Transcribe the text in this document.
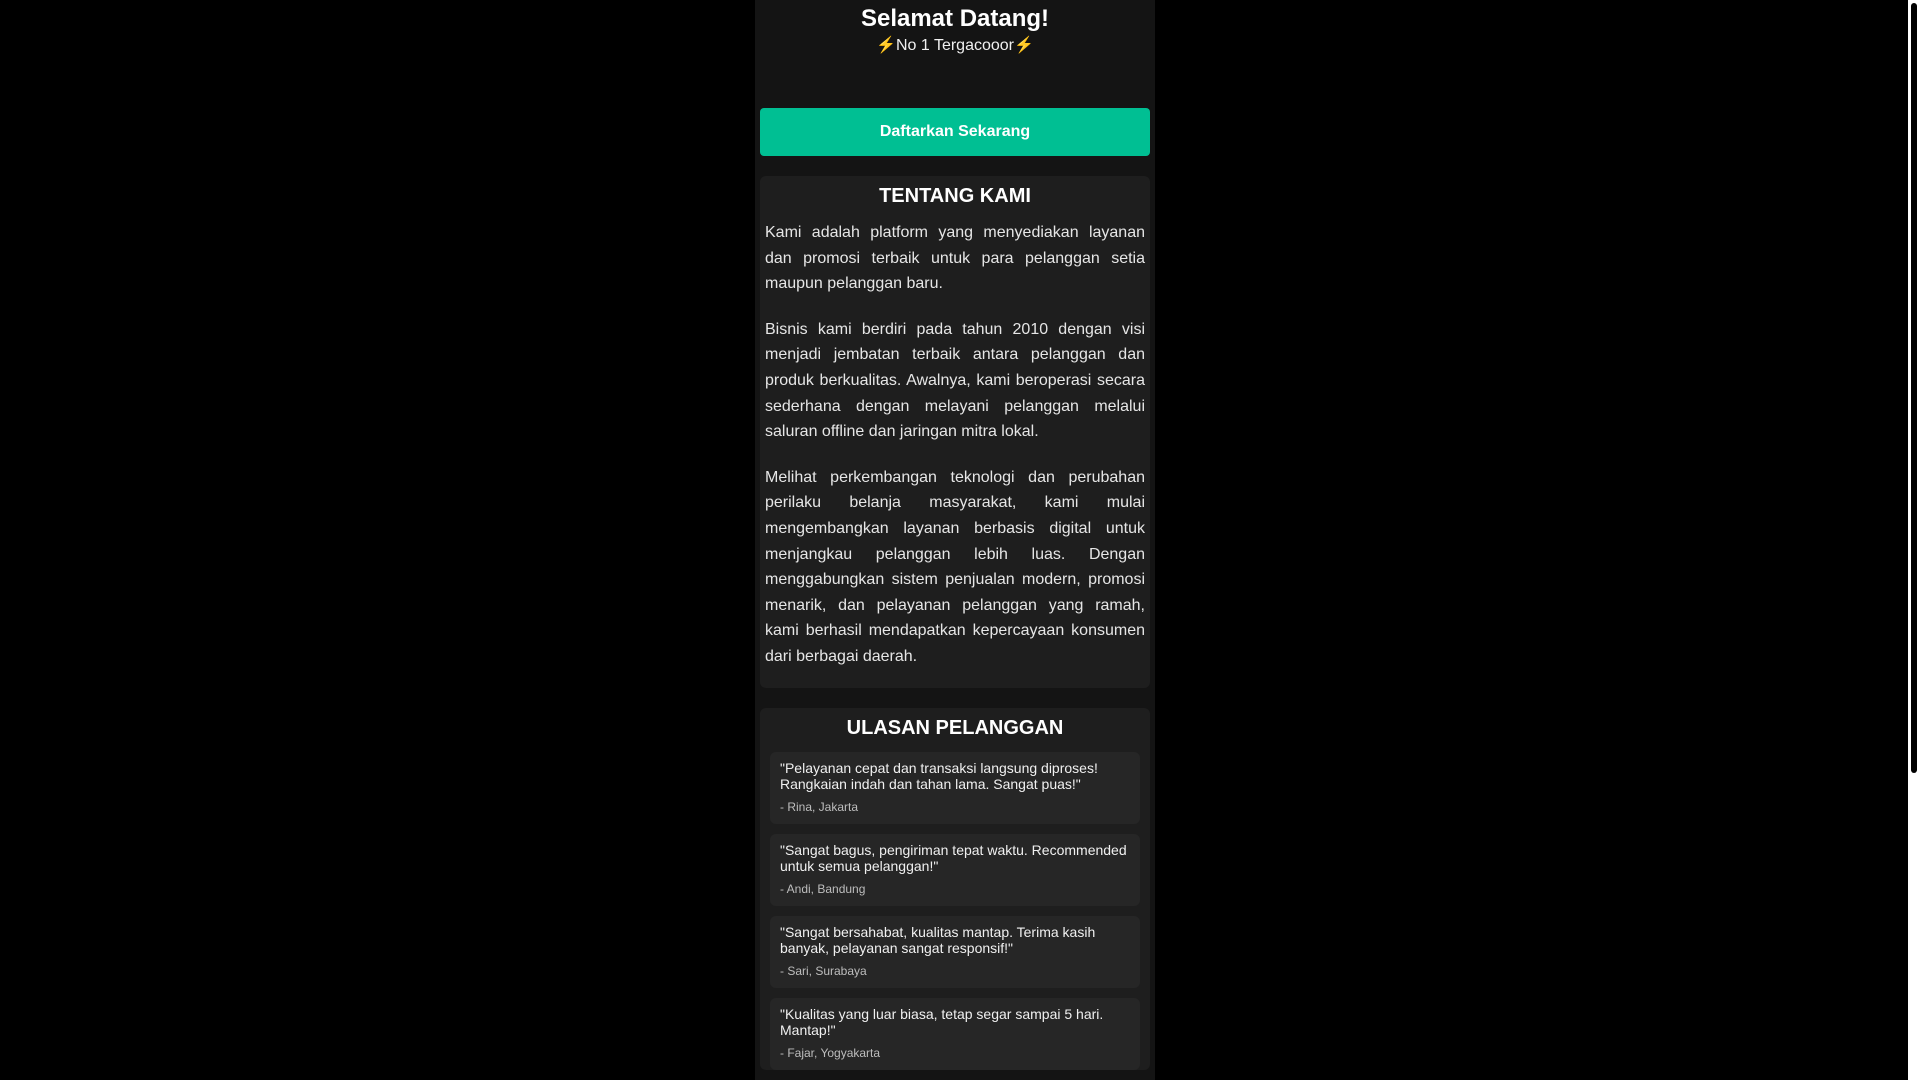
Selamat Datang!
⚡No 1 Tergacooor⚡
Daftarkan Sekarang
TENTANG KAMI

Kami adalah platform yang menyediakan layanan dan promosi terbaik untuk para pelanggan setia maupun pelanggan baru.

Bisnis kami berdiri pada tahun 2010 dengan visi menjadi jembatan terbaik antara pelanggan dan produk berkualitas. Awalnya, kami beroperasi secara sederhana dengan melayani pelanggan melalui saluran offline dan jaringan mitra lokal.

Melihat perkembangan teknologi dan perubahan perilaku belanja masyarakat, kami mulai mengembangkan layanan berbasis digital untuk menjangkau pelanggan lebih luas. Dengan menggabungkan sistem penjualan modern, promosi menarik, dan pelayanan pelanggan yang ramah, kami berhasil mendapatkan kepercayaan konsumen dari berbagai daerah.

ULASAN PELANGGAN

"Pelayanan cepat dan transaksi langsung diproses! Rangkaian indah dan tahan lama. Sangat puas!"

- Rina, Jakarta

"Sangat bagus, pengiriman tepat waktu. Recommended untuk semua pelanggan!"

- Andi, Bandung

"Sangat bersahabat, kualitas mantap. Terima kasih banyak, pelayanan sangat responsif!"

- Sari, Surabaya

"Kualitas yang luar biasa, tetap segar sampai 5 hari. Mantap!"

- Fajar, Yogyakarta
